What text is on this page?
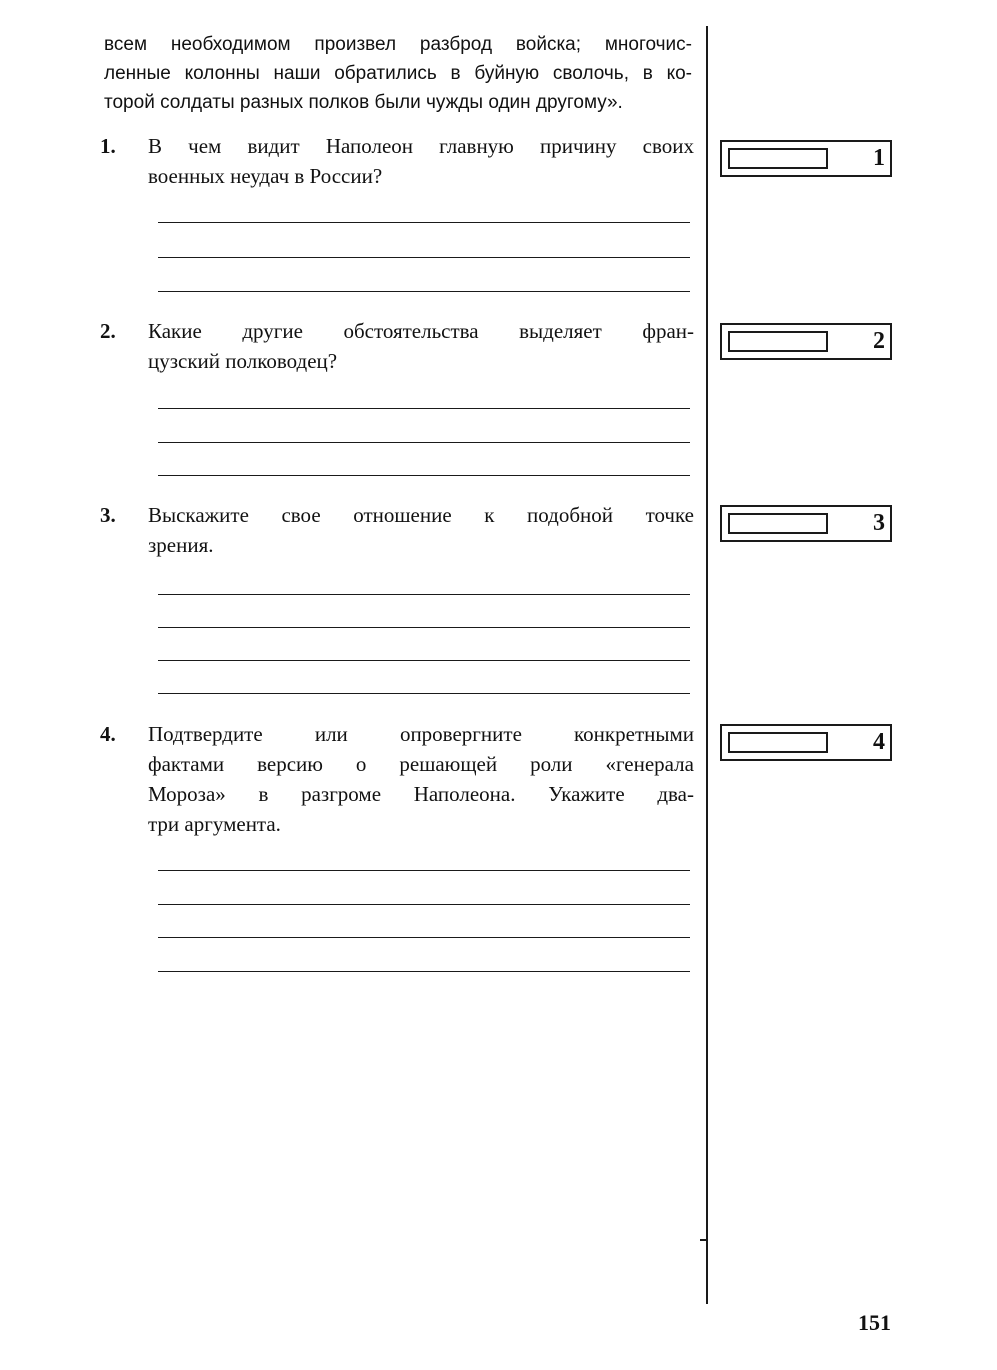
всем необходимом произвел разброд войска; многочис-
ленные колонны наши обратились в буйную сволочь, в ко-
торой солдаты разных полков были чужды один другому».
1. В чем видит Наполеон главную причину своих
военных неудач в России?
1
2. Какие другие обстоятельства выделяет фран-
цузский полководец?
2
3. Выскажите свое отношение к подобной точке
зрения.
3
4. Подтвердите или опровергните конкретными
фактами версию о решающей роли «генерала
Мороза» в разгроме Наполеона. Укажите два-
три аргумента.
4
151
